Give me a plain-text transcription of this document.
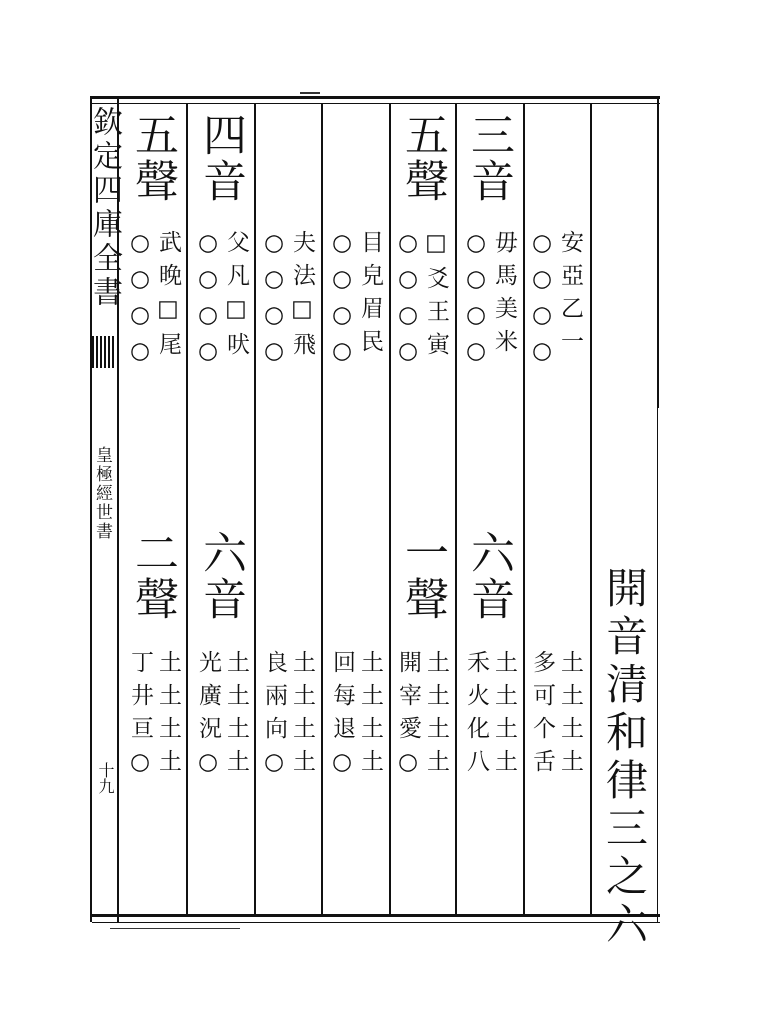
欽定四庫全書
皇極經世書
十九	開音清和律三之六
安亞乙一
○○○○
土土土土
多可个舌
三音
毋馬美米
○○○○
六音
土土土土
禾火化八
五聲
□爻王寅
○○○○
一聲
土土土土
開宰愛○
目皃眉民
○○○○
土土土土
回每退○
夫法□飛
○○○○
土土土土
良兩向○
四音
父凡□吠
○○○○
六音
土土土土
光廣況○
五聲
武晚□尾
○○○○
二聲
土土土土
丁井亘○
